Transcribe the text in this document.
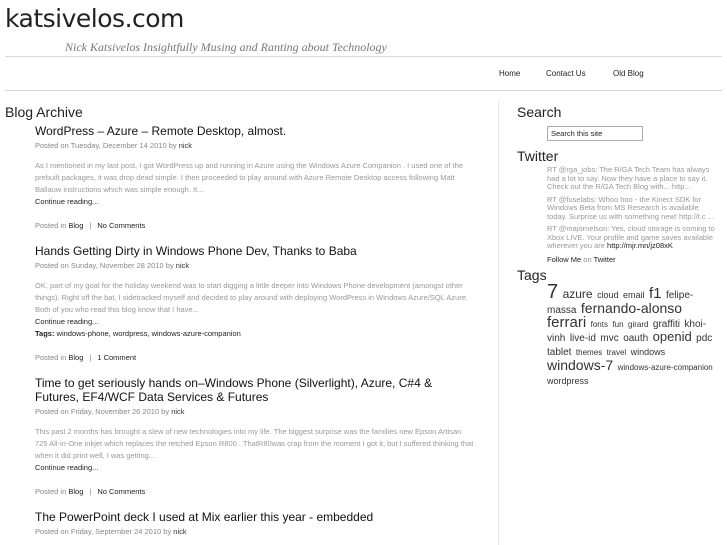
katsivelos.com
Nick Katsivelos Insightfully Musing and Ranting about Technology
Home	Contact Us	Old Blog
Blog Archive
WordPress – Azure – Remote Desktop, almost.
Posted on Tuesday, December 14 2010 by nick
As I mentioned in my last post, I got WordPress up and running in Azure using the Windows Azure Companion . I used one of the prebuilt packages, it was drop dead simple. I then proceeded to play around with Azure Remote Desktop access following Matt Ballauw instructions which was simple enough. It...
Continue reading...
Posted in Blog | No Comments
Hands Getting Dirty in Windows Phone Dev, Thanks to Baba
Posted on Sunday, November 28 2010 by nick
OK, part of my goal for the holiday weekend was to start digging a little deeper into Windows Phone development (amongst other things). Right off the bat, I sidetracked myself and decided to play around with deploying WordPress in Windows Azure/SQL Azure. Both of you who read this blog know that I have...
Continue reading...
Tags: windows-phone, wordpress, windows-azure-companion
Posted in Blog | 1 Comment
Time to get seriously hands on–Windows Phone (Silverlight), Azure, C#4 & Futures, EF4/WCF Data Services & Futures
Posted on Friday, November 26 2010 by nick
This past 2 months has brought a slew of new technologies into my life. The biggest surprise was the families new Epson Artisan 725 All-in-One inkjet which replaces the retched Epson R800 . ThatR80was crap from the moment I got it, but I suffered thinking that when it did print well, I was getting...
Continue reading...
Posted in Blog | No Comments
The PowerPoint deck I used at Mix earlier this year - embedded
Posted on Friday, September 24 2010 by nick
Search
Search this site
Twitter
RT @rga_jobs: The R/GA Tech Team has always had a lot to say. Now they have a place to say it. Check out the R/GA Tech Blog with... http...
RT @fuselabs: Whoo hoo - the Kinect SDK for Windows Beta from MS Research is available today. Surprise us with something new! http://t.c ...
RT @majornelson: Yes, cloud storage is coming to Xbox LIVE. Your profile and game saves available wherever you are http://mjr.mn/jz08xK
Follow Me on Twitter
Tags
7 azure cloud email f1 felipe-massa fernando-alonso ferrari fonts fun girard graffiti khoi-vinh live-id mvc oauth openid pdc tablet themes travel windows windows-7 windows-azure-companion wordpress
